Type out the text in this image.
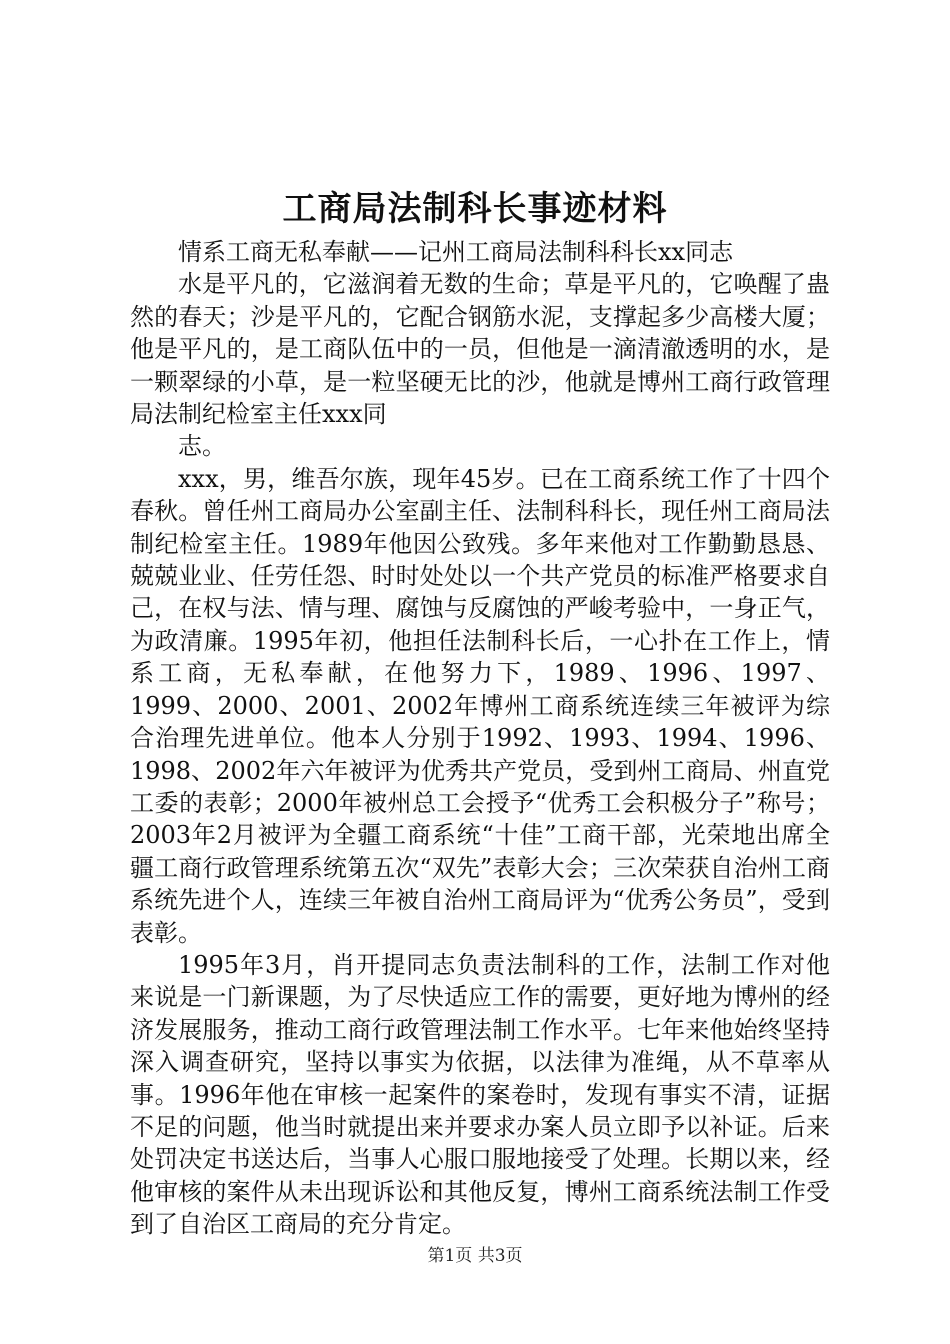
工商局法制科长事迹材料

情系工商无私奉献——记州工商局法制科科长xx同志

水是平凡的，它滋润着无数的生命；草是平凡的，它唤醒了蛊然的春天；沙是平凡的，它配合钢筋水泥，支撑起多少高楼大厦；他是平凡的，是工商队伍中的一员，但他是一滴清澈透明的水，是一颗翠绿的小草，是一粒坚硬无比的沙，他就是博州工商行政管理局法制纪检室主任xxx同

志。

xxx，男，维吾尔族，现年45岁。已在工商系统工作了十四个春秋。曾任州工商局办公室副主任、法制科科长，现任州工商局法制纪检室主任。1989年他因公致残。多年来他对工作勤勤恳恳、兢兢业业、任劳任怨、时时处处以一个共产党员的标准严格要求自己，在权与法、情与理、腐蚀与反腐蚀的严峻考验中，一身正气，为政清廉。1995年初，他担任法制科长后，一心扑在工作上，情系工商，无私奉献，在他努力下，1989、1996、1997、1999、2000、2001、2002年博州工商系统连续三年被评为综合治理先进单位。他本人分别于1992、1993、1994、1996、1998、2002年六年被评为优秀共产党员，受到州工商局、州直党工委的表彰；2000年被州总工会授予“优秀工会积极分子”称号；2003年2月被评为全疆工商系统“十佳”工商干部，光荣地出席全疆工商行政管理系统第五次“双先”表彰大会；三次荣获自治州工商系统先进个人，连续三年被自治州工商局评为“优秀公务员”，受到表彰。

1995年3月，肖开提同志负责法制科的工作，法制工作对他来说是一门新课题，为了尽快适应工作的需要，更好地为博州的经济发展服务，推动工商行政管理法制工作水平。七年来他始终坚持深入调查研究，坚持以事实为依据，以法律为准绳，从不草率从事。1996年他在审核一起案件的案卷时，发现有事实不清，证据不足的问题，他当时就提出来并要求办案人员立即予以补证。后来处罚决定书送达后，当事人心服口服地接受了处理。长期以来，经他审核的案件从未出现诉讼和其他反复，博州工商系统法制工作受到了自治区工商局的充分肯定。

第1页 共3页
